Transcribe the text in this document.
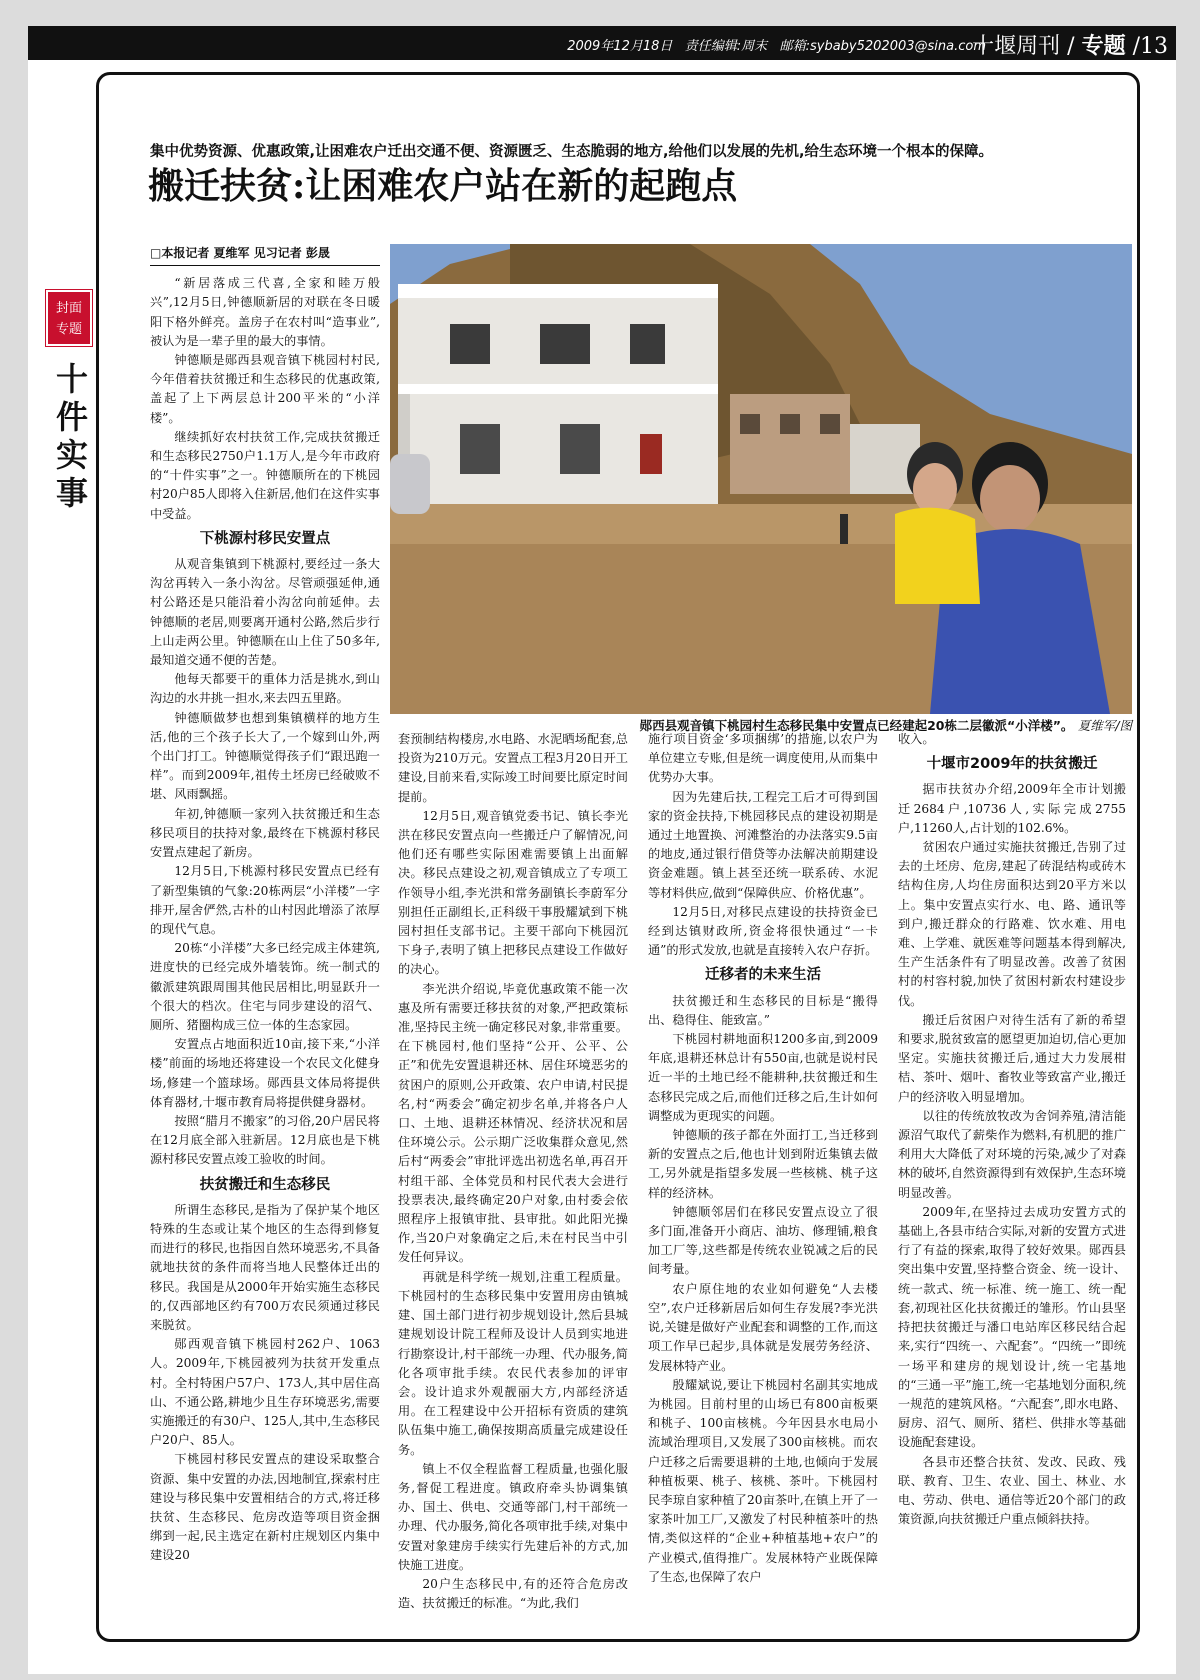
2009年12月18日 责任编辑:周末 邮箱:sybaby5202003@sina.com
十堰周刊 / 专题 /13
集中优势资源、优惠政策,让困难农户迁出交通不便、资源匮乏、生态脆弱的地方,给他们以发展的先机,给生态环境一个根本的保障。
搬迁扶贫:让困难农户站在新的起跑点
封面
专题
十件实事
□本报记者 夏维军 见习记者 彭晟

“新居落成三代喜,全家和睦万般兴”,12月5日,钟德顺新居的对联在冬日暖阳下格外鲜亮。盖房子在农村叫“造事业”,被认为是一辈子里的最大的事情。

钟德顺是郧西县观音镇下桃园村村民,今年借着扶贫搬迁和生态移民的优惠政策,盖起了上下两层总计200平米的“小洋楼”。

继续抓好农村扶贫工作,完成扶贫搬迁和生态移民2750户1.1万人,是今年市政府的“十件实事”之一。钟德顺所在的下桃园村20户85人即将入住新居,他们在这件实事中受益。

下桃源村移民安置点

从观音集镇到下桃源村,要经过一条大沟岔再转入一条小沟岔。尽管顽强延伸,通村公路还是只能沿着小沟岔向前延伸。去钟德顺的老居,则要离开通村公路,然后步行上山走两公里。钟德顺在山上住了50多年,最知道交通不便的苦楚。

他每天都要干的重体力活是挑水,到山沟边的水井挑一担水,来去四五里路。

钟德顺做梦也想到集镇横样的地方生活,他的三个孩子长大了,一个嫁到山外,两个出门打工。钟德顺觉得孩子们“跟迅跑一样”。而到2009年,祖传土坯房已经破败不堪、风雨飘摇。

年初,钟德顺一家列入扶贫搬迁和生态移民项目的扶持对象,最终在下桃源村移民安置点建起了新房。

12月5日,下桃源村移民安置点已经有了新型集镇的气象:20栋两层“小洋楼”一字排开,屋舍俨然,古朴的山村因此增添了浓厚的现代气息。

20栋“小洋楼”大多已经完成主体建筑,进度快的已经完成外墙装饰。统一制式的徽派建筑跟周围其他民居相比,明显跃升一个很大的档次。住宅与同步建设的沼气、厕所、猪圈构成三位一体的生态家园。

安置点占地面积近10亩,接下来,“小洋楼”前面的场地还将建设一个农民文化健身场,修建一个篮球场。郧西县文体局将提供体育器材,十堰市教育局将提供健身器材。

按照“腊月不搬家”的习俗,20户居民将在12月底全部入驻新居。12月底也是下桃源村移民安置点竣工验收的时间。

扶贫搬迁和生态移民

所谓生态移民,是指为了保护某个地区特殊的生态或让某个地区的生态得到修复而进行的移民,也指因自然环境恶劣,不具备就地扶贫的条件而将当地人民整体迁出的移民。我国是从2000年开始实施生态移民的,仅西部地区约有700万农民须通过移民来脱贫。

郧西观音镇下桃园村262户、1063人。2009年,下桃园被列为扶贫开发重点村。全村特困户57户、173人,其中居住高山、不通公路,耕地少且生存环境恶劣,需要实施搬迁的有30户、125人,其中,生态移民户20户、85人。

下桃园村移民安置点的建设采取整合资源、集中安置的办法,因地制宜,探索村庄建设与移民集中安置相结合的方式,将迁移扶贫、生态移民、危房改造等项目资金捆绑到一起,民主选定在新村庄规划区内集中建设20

郧西县观音镇下桃园村生态移民集中安置点已经建起20栋二层徽派“小洋楼”。 夏维军/图

套预制结构楼房,水电路、水泥晒场配套,总投资为210万元。安置点工程3月20日开工建设,目前来看,实际竣工时间要比原定时间提前。

12月5日,观音镇党委书记、镇长李光洪在移民安置点向一些搬迁户了解情况,问他们还有哪些实际困难需要镇上出面解决。移民点建设之初,观音镇成立了专项工作领导小组,李光洪和常务副镇长李蔚军分别担任正副组长,正科级干事殷耀斌到下桃园村担任支部书记。主要干部向下桃园沉下身子,表明了镇上把移民点建设工作做好的决心。

李光洪介绍说,毕竟优惠政策不能一次惠及所有需要迁移扶贫的对象,严把政策标准,坚持民主统一确定移民对象,非常重要。在下桃园村,他们坚持“公开、公平、公正”和优先安置退耕还林、居住环境恶劣的贫困户的原则,公开政策、农户申请,村民提名,村“两委会”确定初步名单,并将各户人口、土地、退耕还林情况、经济状况和居住环境公示。公示期广泛收集群众意见,然后村“两委会”审批评选出初选名单,再召开村组干部、全体党员和村民代表大会进行投票表决,最终确定20户对象,由村委会依照程序上报镇审批、县审批。如此阳光操作,当20户对象确定之后,未在村民当中引发任何异议。

再就是科学统一规划,注重工程质量。下桃园村的生态移民集中安置用房由镇城建、国土部门进行初步规划设计,然后县城建规划设计院工程师及设计人员到实地进行勘察设计,村干部统一办理、代办服务,简化各项审批手续。农民代表参加的评审会。设计追求外观靓丽大方,内部经济适用。在工程建设中公开招标有资质的建筑队伍集中施工,确保按期高质量完成建设任务。

镇上不仅全程监督工程质量,也强化服务,督促工程进度。镇政府牵头协调集镇办、国土、供电、交通等部门,村干部统一办理、代办服务,简化各项审批手续,对集中安置对象建房手续实行先建后补的方式,加快施工进度。

20户生态移民中,有的还符合危房改造、扶贫搬迁的标准。“为此,我们

施行项目资金‘多项捆绑’的措施,以农户为单位建立专账,但是统一调度使用,从而集中优势办大事。

因为先建后扶,工程完工后才可得到国家的资金扶持,下桃园移民点的建设初期是通过土地置换、河滩整治的办法落实9.5亩的地皮,通过银行借贷等办法解决前期建设资金难题。镇上甚至还统一联系砖、水泥等材料供应,做到“保障供应、价格优惠”。

12月5日,对移民点建设的扶持资金已经到达镇财政所,资金将很快通过“一卡通”的形式发放,也就是直接转入农户存折。

迁移者的未来生活

扶贫搬迁和生态移民的目标是“搬得出、稳得住、能致富。”

下桃园村耕地面积1200多亩,到2009年底,退耕还林总计有550亩,也就是说村民近一半的土地已经不能耕种,扶贫搬迁和生态移民完成之后,而他们迁移之后,生计如何调整成为更现实的问题。

钟德顺的孩子都在外面打工,当迁移到新的安置点之后,他也计划到附近集镇去做工,另外就是指望多发展一些核桃、桃子这样的经济林。

钟德顺邻居们在移民安置点设立了很多门面,准备开小商店、油坊、修理铺,粮食加工厂等,这些都是传统农业锐减之后的民间考量。

农户原住地的农业如何避免“人去楼空”,农户迁移新居后如何生存发展?李光洪说,关键是做好产业配套和调整的工作,而这项工作早已起步,具体就是发展劳务经济、发展林特产业。

殷耀斌说,要让下桃园村名副其实地成为桃园。目前村里的山场已有800亩板栗和桃子、100亩核桃。今年因县水电局小流域治理项目,又发展了300亩核桃。而农户迁移之后需要退耕的土地,也倾向于发展种植板栗、桃子、核桃、茶叶。下桃园村民李琼自家种植了20亩茶叶,在镇上开了一家茶叶加工厂,又激发了村民种植茶叶的热情,类似这样的“企业+种植基地+农户”的产业模式,值得推广。发展林特产业既保障了生态,也保障了农户

收入。

十堰市2009年的扶贫搬迁

据市扶贫办介绍,2009年全市计划搬迁2684户,10736人,实际完成2755户,11260人,占计划的102.6%。

贫困农户通过实施扶贫搬迁,告别了过去的土坯房、危房,建起了砖混结构或砖木结构住房,人均住房面积达到20平方米以上。集中安置点实行水、电、路、通讯等到户,搬迁群众的行路难、饮水难、用电难、上学难、就医难等问题基本得到解决,生产生活条件有了明显改善。改善了贫困村的村容村貌,加快了贫困村新农村建设步伐。

搬迁后贫困户对待生活有了新的希望和要求,脱贫致富的愿望更加迫切,信心更加坚定。实施扶贫搬迁后,通过大力发展柑桔、茶叶、烟叶、畜牧业等致富产业,搬迁户的经济收入明显增加。

以往的传统放牧改为舍饲养殖,清洁能源沼气取代了薪柴作为燃料,有机肥的推广利用大大降低了对环境的污染,减少了对森林的破坏,自然资源得到有效保护,生态环境明显改善。

2009年,在坚持过去成功安置方式的基础上,各县市结合实际,对新的安置方式进行了有益的探索,取得了较好效果。郧西县突出集中安置,坚持整合资金、统一设计、统一款式、统一标准、统一施工、统一配套,初现社区化扶贫搬迁的雏形。竹山县坚持把扶贫搬迁与潘口电站库区移民结合起来,实行“四统一、六配套”。“四统一”即统一场平和建房的规划设计,统一宅基地的“三通一平”施工,统一宅基地划分面积,统一规范的建筑风格。“六配套”,即水电路、厨房、沼气、厕所、猪栏、供排水等基础设施配套建设。

各县市还整合扶贫、发改、民政、残联、教育、卫生、农业、国土、林业、水电、劳动、供电、通信等近20个部门的政策资源,向扶贫搬迁户重点倾斜扶持。
